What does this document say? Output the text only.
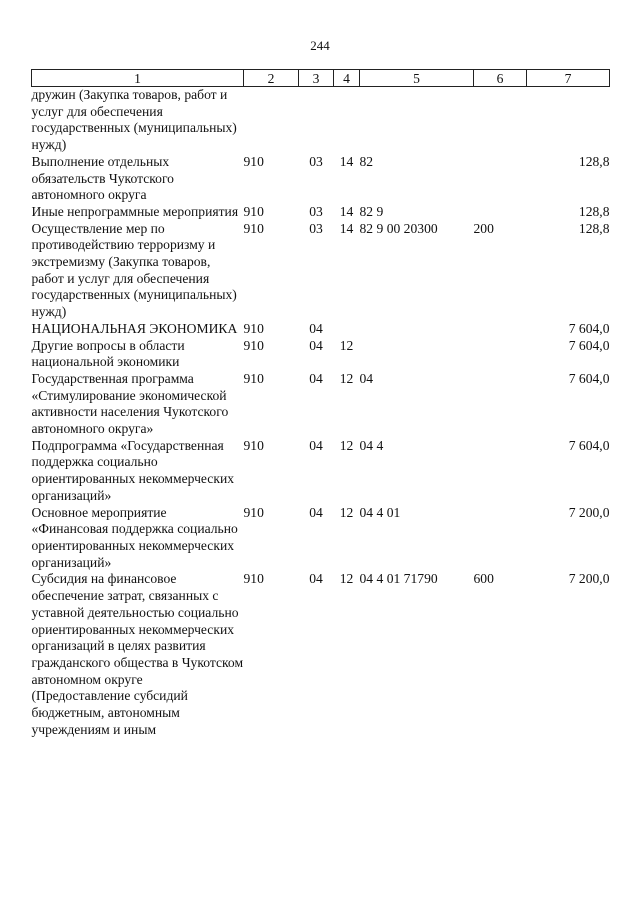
244
1	2	3	4	5	6	7
дружин (Закупка товаров, работ и услуг для обеспечения государственных (муниципальных) нужд)						
Выполнение отдельных обязательств Чукотского автономного округа	910	03	14	82		128,8
Иные непрограммные мероприятия	910	03	14	82 9		128,8
Осуществление мер по противодействию терроризму и экстремизму (Закупка товаров, работ и услуг для обеспечения государственных (муниципальных) нужд)	910	03	14	82 9 00 20300	200	128,8
НАЦИОНАЛЬНАЯ ЭКОНОМИКА	910	04				7 604,0
Другие вопросы в области национальной экономики	910	04	12			7 604,0
Государственная программа «Стимулирование экономической активности населения Чукотского автономного округа»	910	04	12	04		7 604,0
Подпрограмма «Государственная поддержка социально ориентированных некоммерческих организаций»	910	04	12	04 4		7 604,0
Основное мероприятие «Финансовая поддержка социально ориентированных некоммерческих организаций»	910	04	12	04 4 01		7 200,0
Субсидия на финансовое обеспечение затрат, связанных с уставной деятельностью социально ориентированных некоммерческих организаций в целях развития гражданского общества в Чукотском автономном округе (Предоставление субсидий бюджетным, автономным учреждениям и иным	910	04	12	04 4 01 71790	600	7 200,0
